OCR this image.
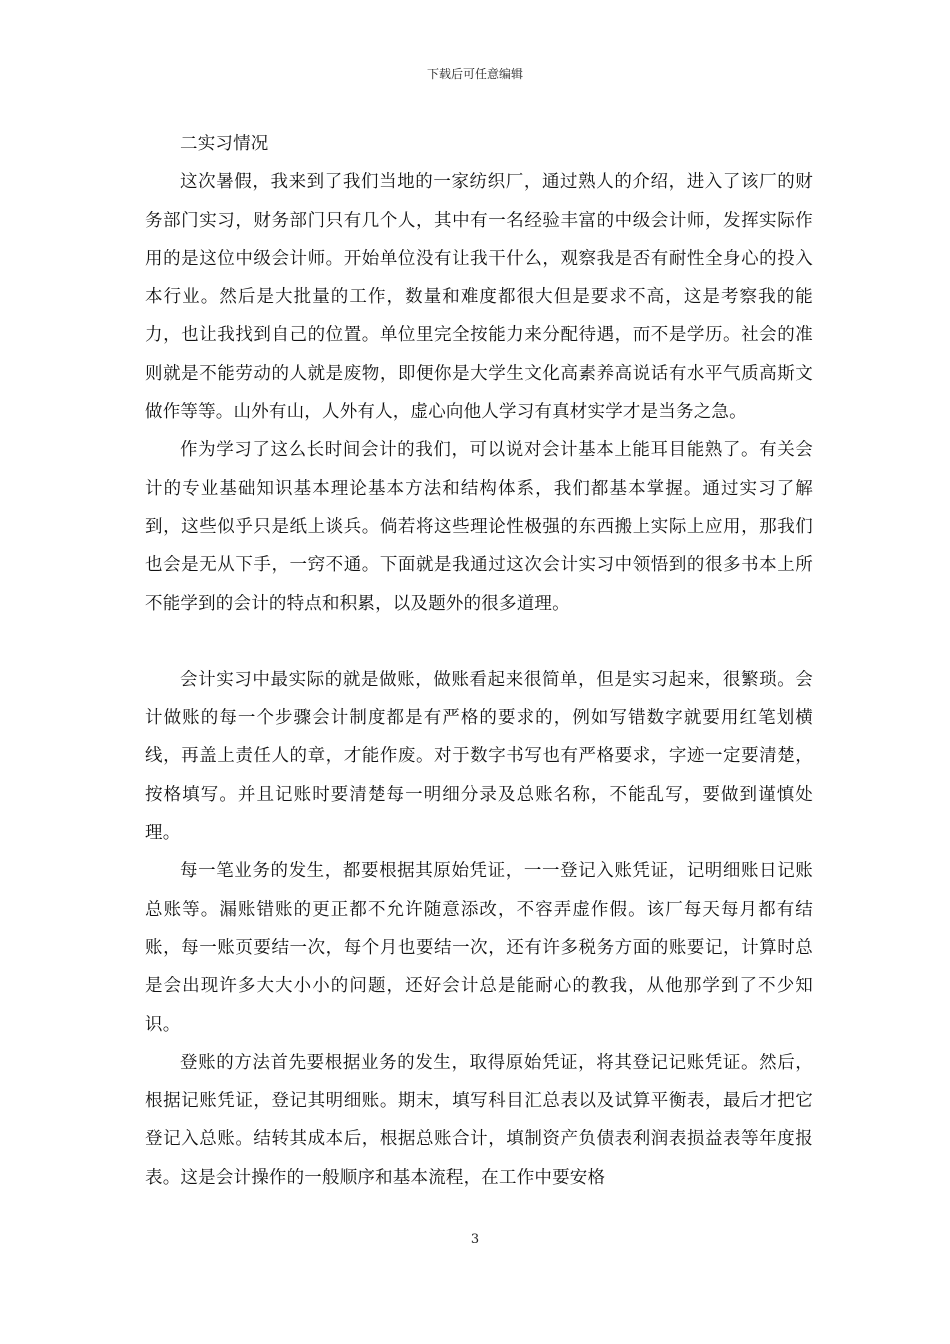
下载后可任意编辑

二实习情况

这次暑假，我来到了我们当地的一家纺织厂，通过熟人的介绍，进入了该厂的财务部门实习，财务部门只有几个人，其中有一名经验丰富的中级会计师，发挥实际作用的是这位中级会计师。开始单位没有让我干什么，观察我是否有耐性全身心的投入本行业。然后是大批量的工作，数量和难度都很大但是要求不高，这是考察我的能力，也让我找到自己的位置。单位里完全按能力来分配待遇，而不是学历。社会的准则就是不能劳动的人就是废物，即便你是大学生文化高素养高说话有水平气质高斯文做作等等。山外有山，人外有人，虚心向他人学习有真材实学才是当务之急。

作为学习了这么长时间会计的我们，可以说对会计基本上能耳目能熟了。有关会计的专业基础知识基本理论基本方法和结构体系，我们都基本掌握。通过实习了解到，这些似乎只是纸上谈兵。倘若将这些理论性极强的东西搬上实际上应用，那我们也会是无从下手，一窍不通。下面就是我通过这次会计实习中领悟到的很多书本上所不能学到的会计的特点和积累，以及题外的很多道理。

会计实习中最实际的就是做账，做账看起来很简单，但是实习起来，很繁琐。会计做账的每一个步骤会计制度都是有严格的要求的，例如写错数字就要用红笔划横线，再盖上责任人的章，才能作废。对于数字书写也有严格要求，字迹一定要清楚，按格填写。并且记账时要清楚每一明细分录及总账名称，不能乱写，要做到谨慎处理。

每一笔业务的发生，都要根据其原始凭证，一一登记入账凭证，记明细账日记账总账等。漏账错账的更正都不允许随意添改，不容弄虚作假。该厂每天每月都有结账，每一账页要结一次，每个月也要结一次，还有许多税务方面的账要记，计算时总是会出现许多大大小小的问题，还好会计总是能耐心的教我，从他那学到了不少知识。

登账的方法首先要根据业务的发生，取得原始凭证，将其登记记账凭证。然后，根据记账凭证，登记其明细账。期末，填写科目汇总表以及试算平衡表，最后才把它登记入总账。结转其成本后，根据总账合计，填制资产负债表利润表损益表等年度报表。这是会计操作的一般顺序和基本流程，在工作中要安格

3
